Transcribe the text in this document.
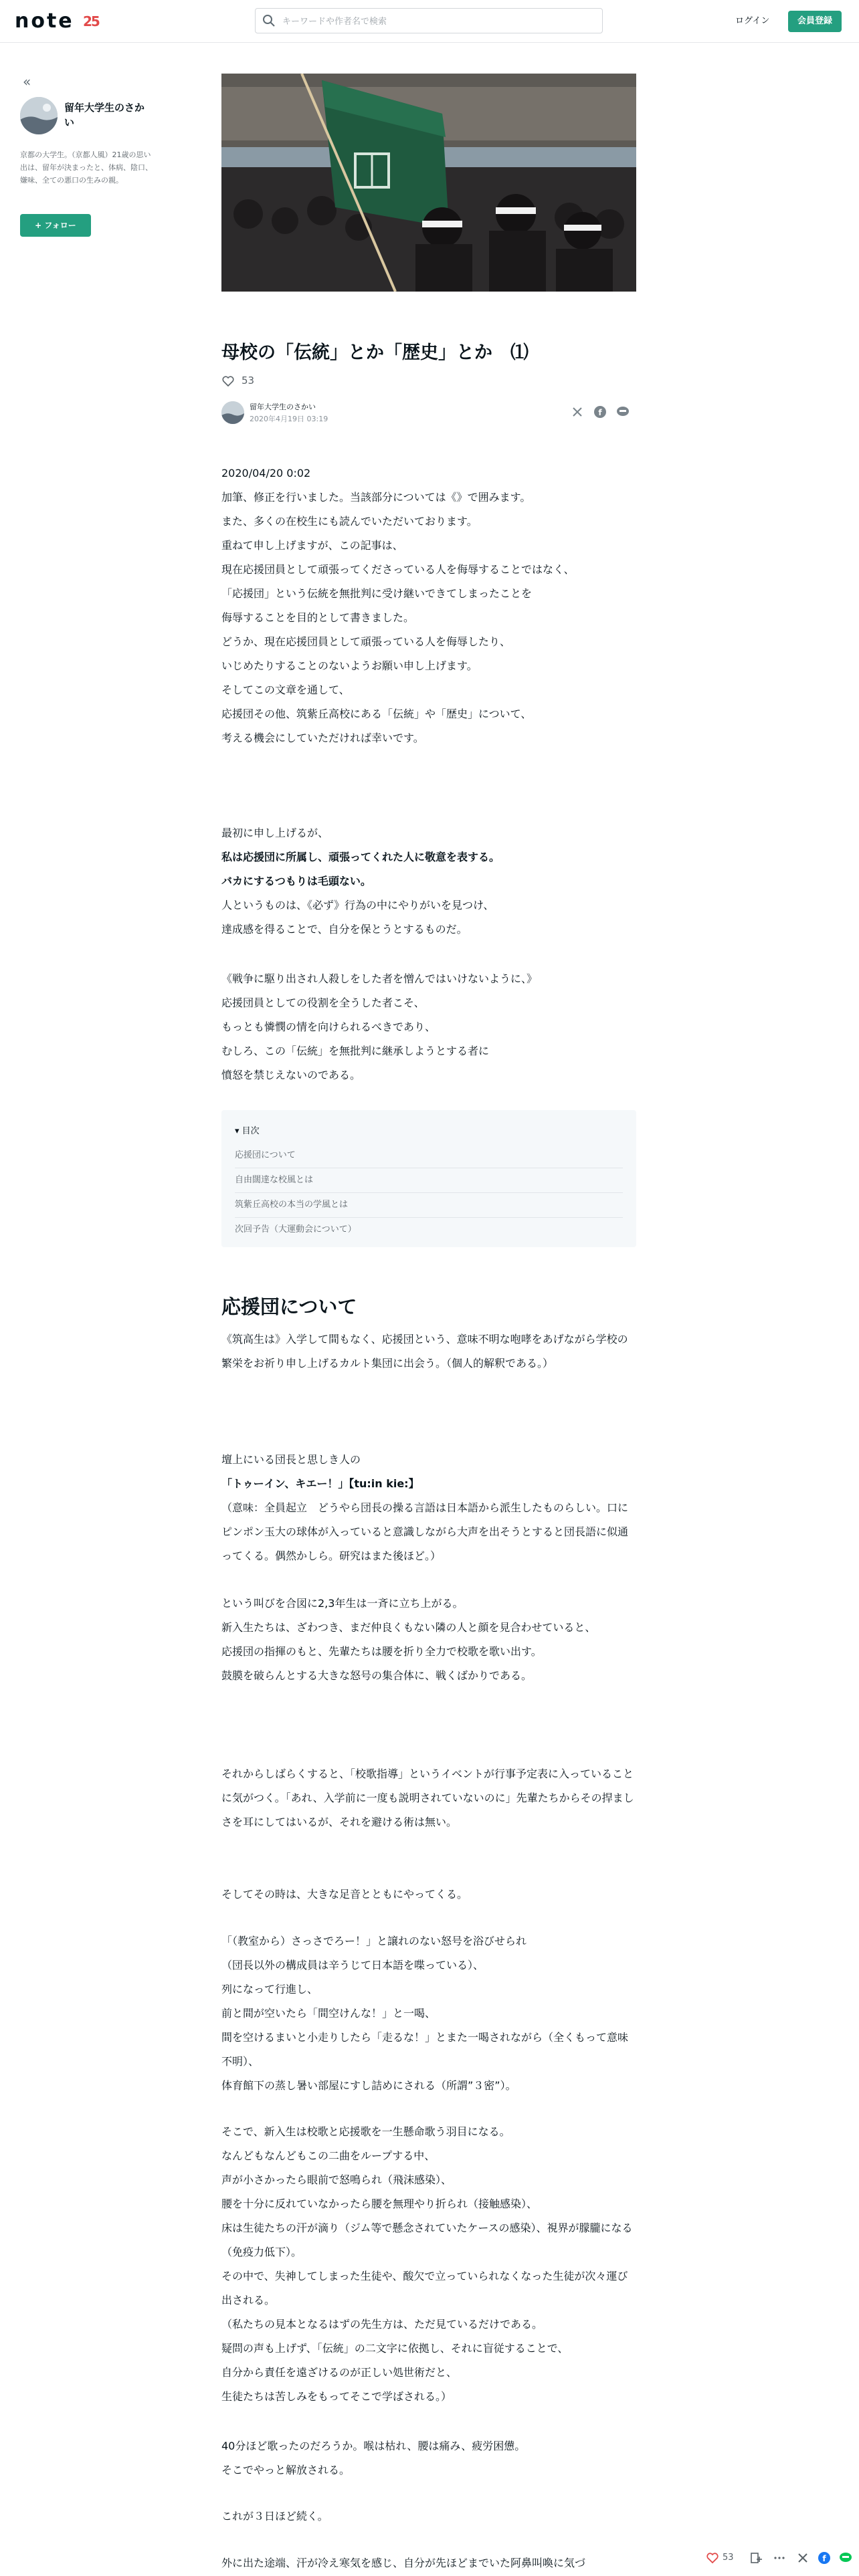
note 25
キーワードや作者名で検索	ログイン	会員登録
«
留年大学生のさかい
京都の大学生。（京都人風）21歳の思い出は、留年が決まったと、体病、陰口、嫌味、全ての悪口の生みの親。
+ フォロー
母校の「伝統」とか「歴史」とか　⑴
53
留年大学生のさかい
2020年4月19日 03:19
f
2020/04/20 0:02
加筆、修正を行いました。当該部分については《》で囲みます。
また、多くの在校生にも読んでいただいております。
重ねて申し上げますが、この記事は、
現在応援団員として頑張ってくださっている人を侮辱することではなく、
「応援団」という伝統を無批判に受け継いできてしまったことを
侮辱することを目的として書きました。
どうか、現在応援団員として頑張っている人を侮辱したり、
いじめたりすることのないようお願い申し上げます。
そしてこの文章を通して、
応援団その他、筑紫丘高校にある「伝統」や「歴史」について、
考える機会にしていただければ幸いです。
最初に申し上げるが、
私は応援団に所属し、頑張ってくれた人に敬意を表する。
バカにするつもりは毛頭ない。
人というものは、《必ず》行為の中にやりがいを見つけ、
達成感を得ることで、自分を保とうとするものだ。
《戦争に駆り出され人殺しをした者を憎んではいけないように、》
応援団員としての役割を全うした者こそ、
もっとも憐憫の情を向けられるべきであり、
むしろ、この「伝統」を無批判に継承しようとする者に
憤怒を禁じえないのである。
▾ 目次
応援団について
自由闊達な校風とは
筑紫丘高校の本当の学風とは
次回予告（大運動会について）
応援団について
《筑高生は》入学して間もなく、応援団という、意味不明な咆哮をあげながら学校の繁栄をお祈り申し上げるカルト集団に出会う。（個人的解釈である。）
壇上にいる団長と思しき人の
「トゥーイン、キエー！」【tu:in kie:】
（意味：全員起立　どうやら団長の操る言語は日本語から派生したものらしい。口にピンポン玉大の球体が入っていると意識しながら大声を出そうとすると団長語に似通ってくる。偶然かしら。研究はまた後ほど。）
という叫びを合図に2,3年生は一斉に立ち上がる。
新入生たちは、ざわつき、まだ仲良くもない隣の人と顔を見合わせていると、
応援団の指揮のもと、先輩たちは腰を折り全力で校歌を歌い出す。
鼓膜を破らんとする大きな怒号の集合体に、戦くばかりである。
それからしばらくすると、「校歌指導」というイベントが行事予定表に入っていることに気がつく。「あれ、入学前に一度も説明されていないのに」先輩たちからその捍ましさを耳にしてはいるが、それを避ける術は無い。
そしてその時は、大きな足音とともにやってくる。
「（教室から）さっさでろー！」と譲れのない怒号を浴びせられ
（団長以外の構成員は辛うじて日本語を喋っている）、
列になって行進し、
前と間が空いたら「間空けんな！」と一喝、
間を空けるまいと小走りしたら「走るな！」とまた一喝されながら（全くもって意味不明）、
体育館下の蒸し暑い部屋にすし詰めにされる（所謂”３密”）。
そこで、新入生は校歌と応援歌を一生懸命歌う羽目になる。
なんどもなんどもこの二曲をループする中、
声が小さかったら眼前で怒鳴られ（飛沫感染）、
腰を十分に反れていなかったら腰を無理やり折られ（接触感染）、
床は生徒たちの汗が滴り（ジム等で懸念されていたケースの感染）、視界が朦朧になる（免疫力低下）。
その中で、失神してしまった生徒や、酸欠で立っていられなくなった生徒が次々運び出される。
（私たちの見本となるはずの先生方は、ただ見ているだけである。
疑問の声も上げず、「伝統」の二文字に依拠し、それに盲従することで、
自分から責任を遠ざけるのが正しい処世術だと、
生徒たちは苦しみをもってそこで学ばされる。）
40分ほど歌ったのだろうか。喉は枯れ、腰は痛み、疲労困憊。
そこでやっと解放される。
これが３日ほど続く。
外に出た途端、汗が冷え寒気を感じ、自分が先ほどまでいた阿鼻叫喚に気づ	53	f
